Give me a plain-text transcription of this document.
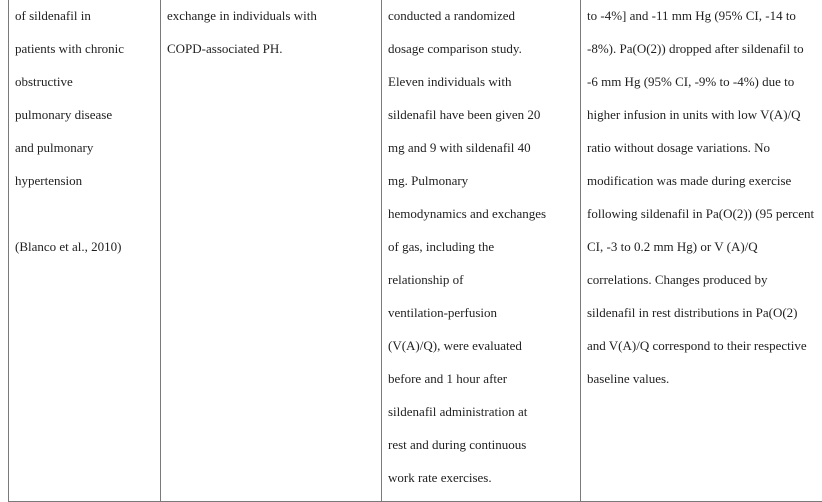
of sildenafil in
patients with chronic
obstructive
pulmonary disease
and pulmonary
hypertension
(Blanco et al., 2010)

exchange in individuals with
COPD-associated PH.

conducted a randomized
dosage comparison study.
Eleven individuals with
sildenafil have been given 20
mg and 9 with sildenafil 40
mg. Pulmonary
hemodynamics and exchanges
of gas, including the
relationship of
ventilation-perfusion
(V(A)/Q), were evaluated
before and 1 hour after
sildenafil administration at
rest and during continuous
work rate exercises.

to -4%] and -11 mm Hg (95% CI, -14 to
-8%). Pa(O(2)) dropped after sildenafil to
-6 mm Hg (95% CI, -9% to -4%) due to
higher infusion in units with low V(A)/Q
ratio without dosage variations. No
modification was made during exercise
following sildenafil in Pa(O(2)) (95 percent
CI, -3 to 0.2 mm Hg) or V (A)/Q
correlations. Changes produced by
sildenafil in rest distributions in Pa(O(2)
and V(A)/Q correspond to their respective
baseline values.
